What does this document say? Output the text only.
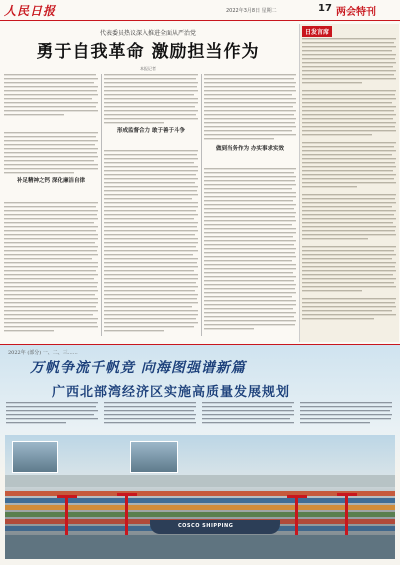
人民日报	2022年3月8日 星期二	17 两会特刊
代表委员热议深入推进全面从严治党
勇于自我革命 激励担当作为
本报记者
补足精神之钙 深化廉洁自律
形成监督合力 敢于善于斗争
做到当务作为 办实事求实效
日发言席
2022年 (部分) 一、二、三……
万帆争流千帆竞 向海图强谱新篇
广西北部湾经济区实施高质量发展规划
COSCO SHIPPING
